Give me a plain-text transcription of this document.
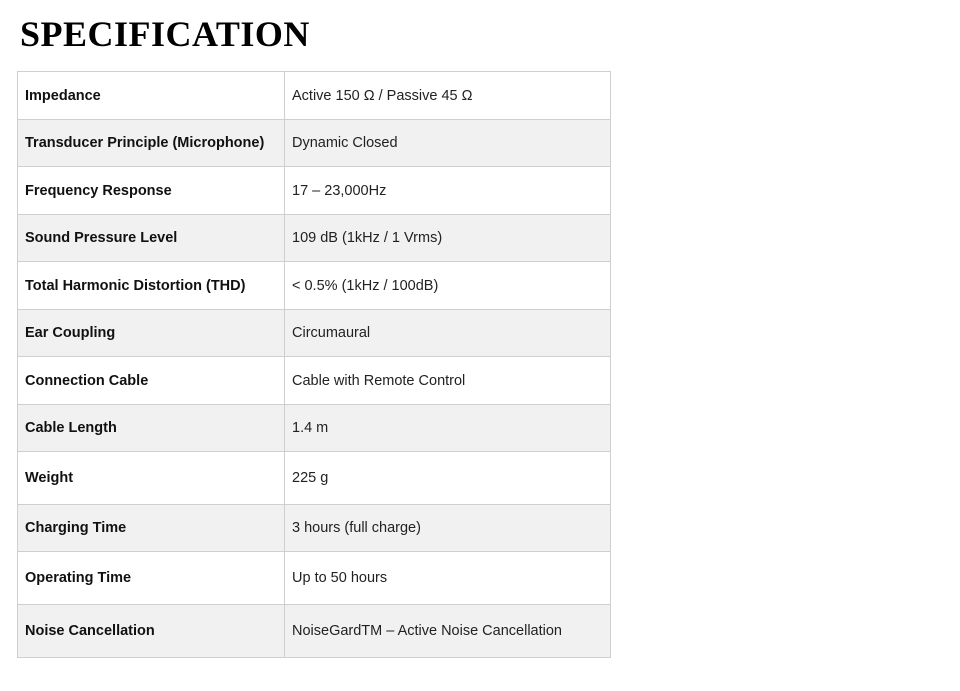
SPECIFICATION
Impedance	Active 150 Ω / Passive 45 Ω
Transducer Principle (Microphone)	Dynamic Closed
Frequency Response	17 – 23,000Hz
Sound Pressure Level	109 dB (1kHz / 1 Vrms)
Total Harmonic Distortion (THD)	< 0.5% (1kHz / 100dB)
Ear Coupling	Circumaural
Connection Cable	Cable with Remote Control
Cable Length	1.4 m
Weight	225 g
Charging Time	3 hours (full charge)
Operating Time	Up to 50 hours
Noise Cancellation	NoiseGardTM – Active Noise Cancellation
